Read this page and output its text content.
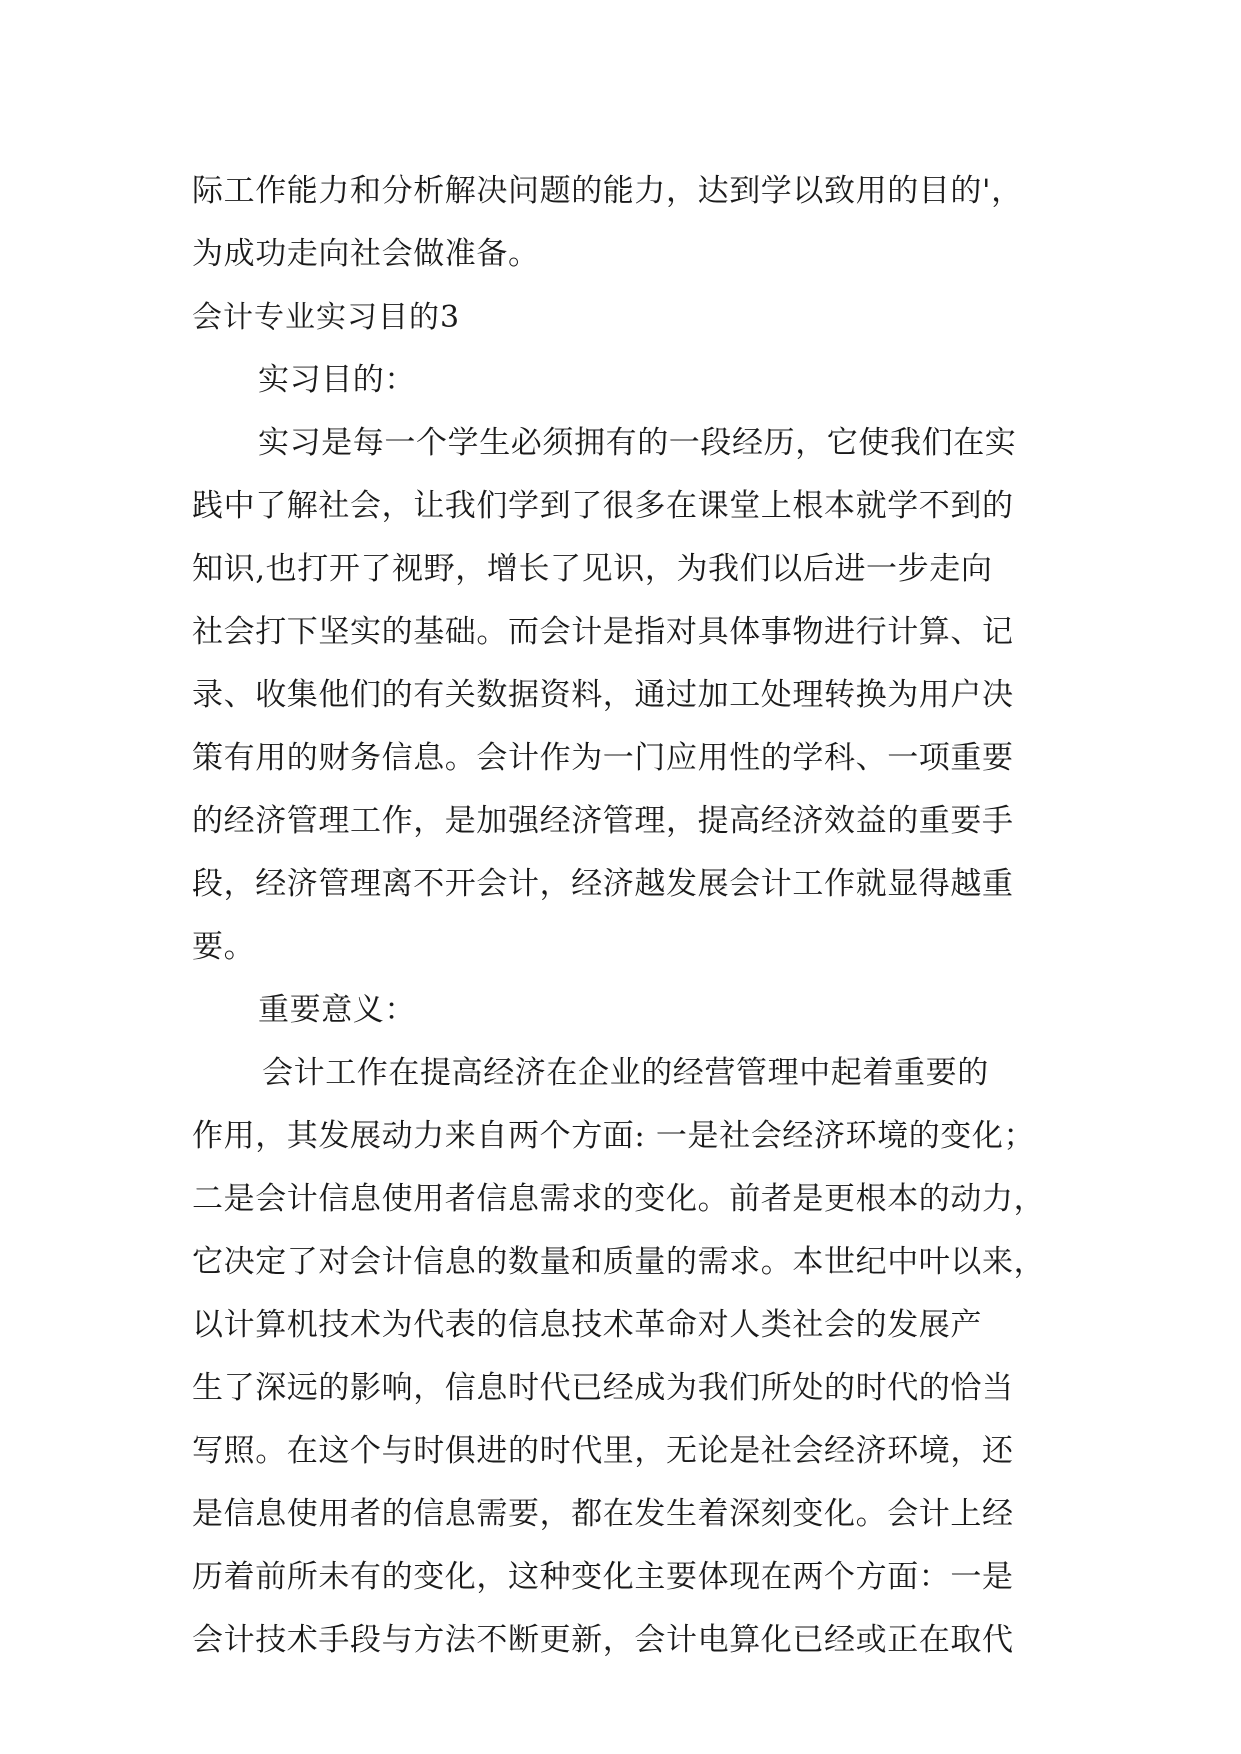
际工作能力和分析解决问题的能力，达到学以致用的目的'，
为成功走向社会做准备。
会计专业实习目的3
实习目的：
实习是每一个学生必须拥有的一段经历，它使我们在实
践中了解社会，让我们学到了很多在课堂上根本就学不到的
知识,也打开了视野，增长了见识，为我们以后进一步走向
社会打下坚实的基础。而会计是指对具体事物进行计算、记
录、收集他们的有关数据资料，通过加工处理转换为用户决
策有用的财务信息。会计作为一门应用性的学科、一项重要
的经济管理工作，是加强经济管理，提高经济效益的重要手
段，经济管理离不开会计，经济越发展会计工作就显得越重
要。
重要意义：
会计工作在提高经济在企业的经营管理中起着重要的
作用，其发展动力来自两个方面: 一是社会经济环境的变化；
二是会计信息使用者信息需求的变化。前者是更根本的动力，
它决定了对会计信息的数量和质量的需求。本世纪中叶以来，
以计算机技术为代表的信息技术革命对人类社会的发展产
生了深远的影响，信息时代已经成为我们所处的时代的恰当
写照。在这个与时俱进的时代里，无论是社会经济环境，还
是信息使用者的信息需要，都在发生着深刻变化。会计上经
历着前所未有的变化，这种变化主要体现在两个方面：一是
会计技术手段与方法不断更新，会计电算化已经或正在取代
